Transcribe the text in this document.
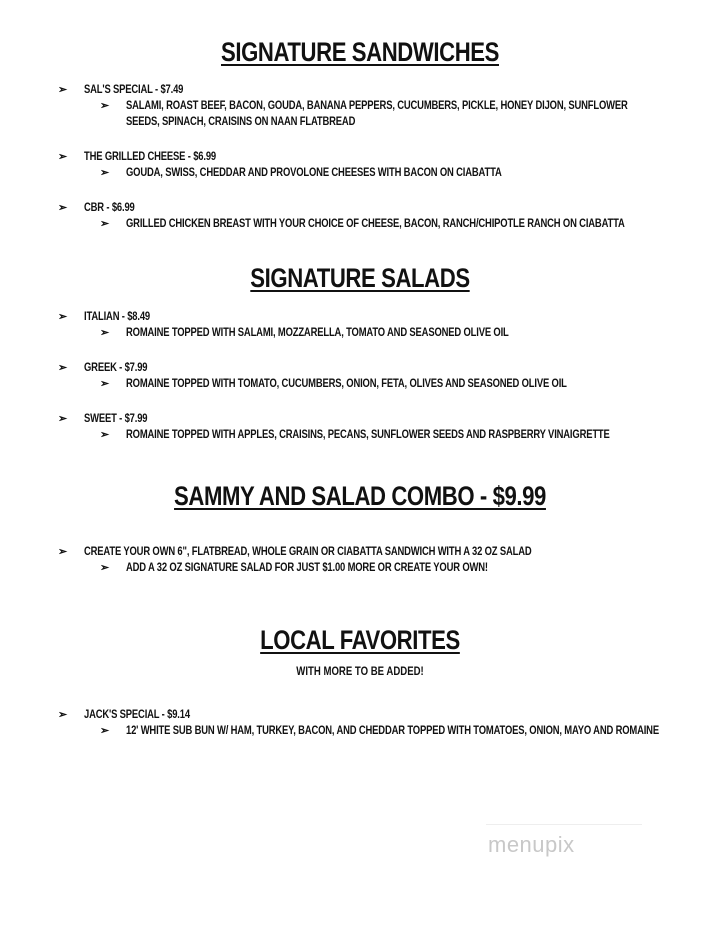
SIGNATURE SANDWICHES
➢ SAL'S SPECIAL - $7.49
➢ SALAMI, ROAST BEEF, BACON, GOUDA, BANANA PEPPERS, CUCUMBERS, PICKLE, HONEY DIJON, SUNFLOWER SEEDS, SPINACH, CRAISINS ON NAAN FLATBREAD
➢ THE GRILLED CHEESE - $6.99
➢ GOUDA, SWISS, CHEDDAR AND PROVOLONE CHEESES WITH BACON ON CIABATTA
➢ CBR - $6.99
➢ GRILLED CHICKEN BREAST WITH YOUR CHOICE OF CHEESE, BACON, RANCH/CHIPOTLE RANCH ON CIABATTA
SIGNATURE SALADS
➢ ITALIAN - $8.49
➢ ROMAINE TOPPED WITH SALAMI, MOZZARELLA, TOMATO AND SEASONED OLIVE OIL
➢ GREEK - $7.99
➢ ROMAINE TOPPED WITH TOMATO, CUCUMBERS, ONION, FETA, OLIVES AND SEASONED OLIVE OIL
➢ SWEET - $7.99
➢ ROMAINE TOPPED WITH APPLES, CRAISINS, PECANS, SUNFLOWER SEEDS AND RASPBERRY VINAIGRETTE
SAMMY AND SALAD COMBO - $9.99
➢ CREATE YOUR OWN 6", FLATBREAD, WHOLE GRAIN OR CIABATTA SANDWICH WITH A 32 OZ SALAD
➢ ADD A 32 OZ SIGNATURE SALAD FOR JUST $1.00 MORE OR CREATE YOUR OWN!
LOCAL FAVORITES

WITH MORE TO BE ADDED!

➢ JACK'S SPECIAL - $9.14
➢ 12' WHITE SUB BUN W/ HAM, TURKEY, BACON, AND CHEDDAR TOPPED WITH TOMATOES, ONION, MAYO AND ROMAINE
menupix
